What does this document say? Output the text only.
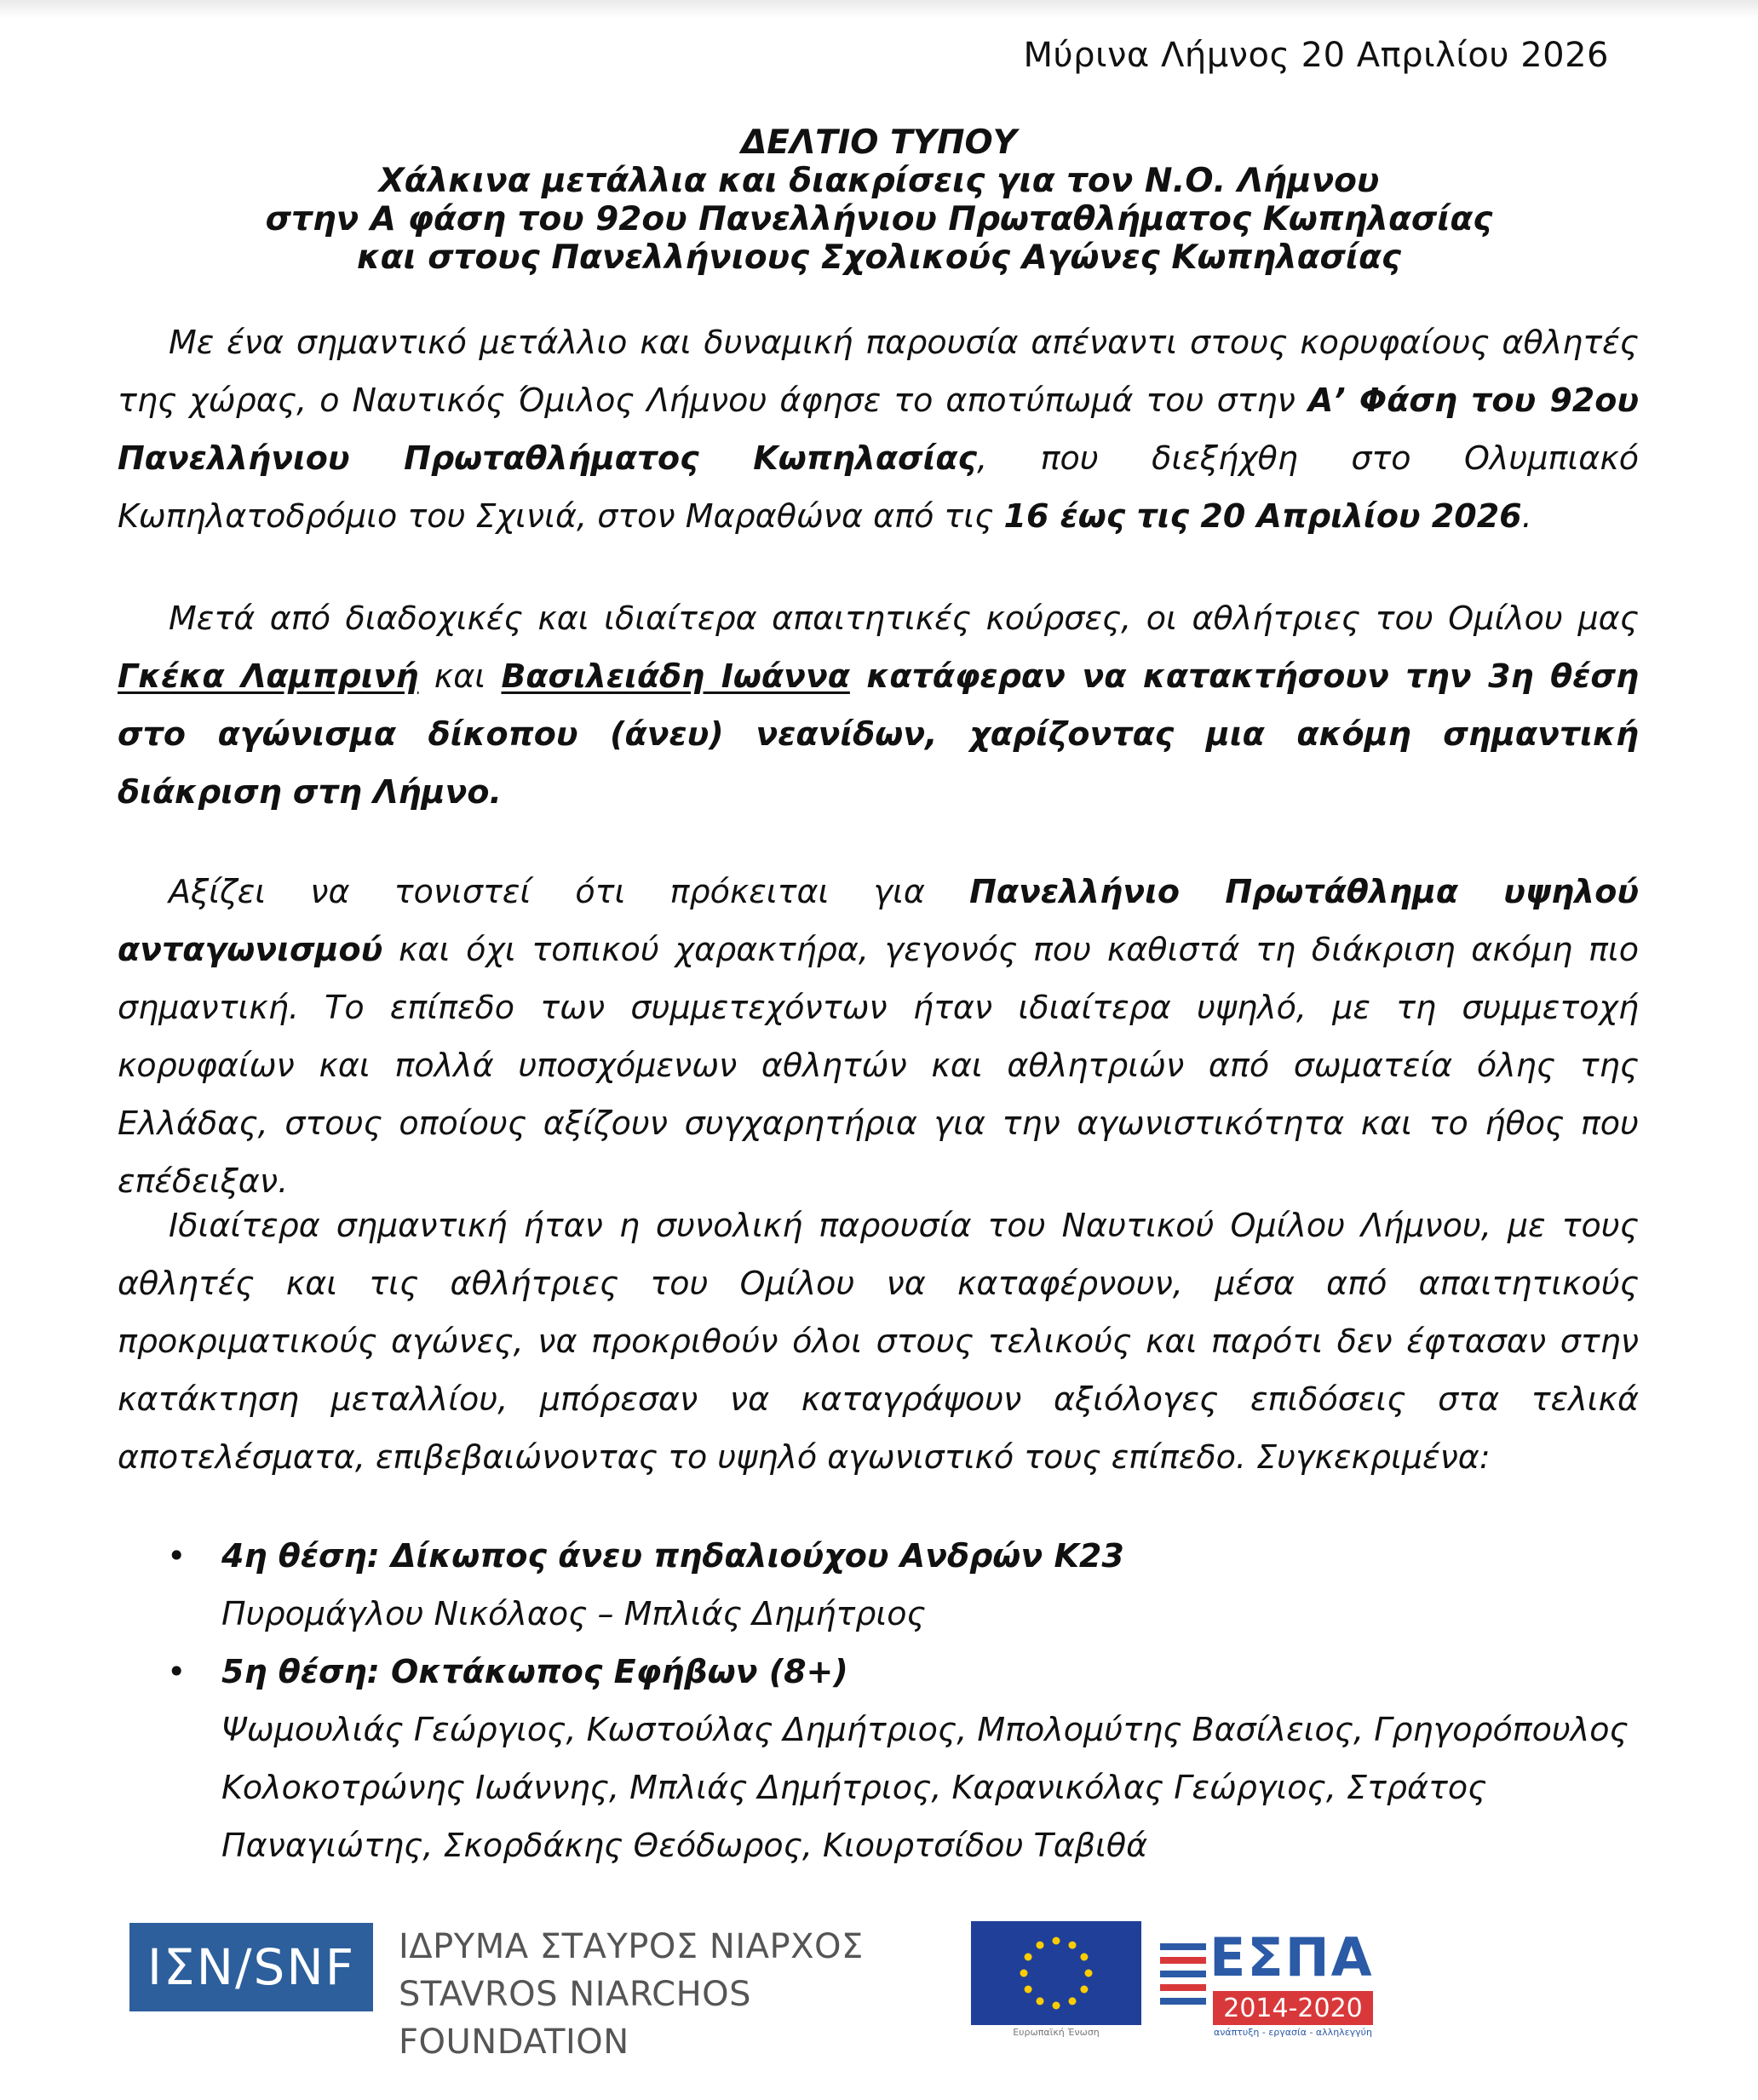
Μύρινα Λήμνος 20 Απριλίου 2026
ΔΕΛΤΙΟ ΤΥΠΟΥ
Χάλκινα μετάλλια και διακρίσεις για τον Ν.Ο. Λήμνου
στην Α φάση του 92ου Πανελλήνιου Πρωταθλήματος Κωπηλασίας
και στους Πανελλήνιους Σχολικούς Αγώνες Κωπηλασίας
Με ένα σημαντικό μετάλλιο και δυναμική παρουσία απέναντι στους κορυφαίους αθλητές της χώρας, ο Ναυτικός Όμιλος Λήμνου άφησε το αποτύπωμά του στην Α’ Φάση του 92ου Πανελλήνιου Πρωταθλήματος Κωπηλασίας, που διεξήχθη στο Ολυμπιακό Κωπηλατοδρόμιο του Σχινιά, στον Μαραθώνα από τις 16 έως τις 20 Απριλίου 2026.
Μετά από διαδοχικές και ιδιαίτερα απαιτητικές κούρσες, οι αθλήτριες του Ομίλου μας Γκέκα Λαμπρινή και Βασιλειάδη Ιωάννα κατάφεραν να κατακτήσουν την 3η θέση στο αγώνισμα δίκοπου (άνευ) νεανίδων, χαρίζοντας μια ακόμη σημαντική διάκριση στη Λήμνο.
Αξίζει να τονιστεί ότι πρόκειται για Πανελλήνιο Πρωτάθλημα υψηλού ανταγωνισμού και όχι τοπικού χαρακτήρα, γεγονός που καθιστά τη διάκριση ακόμη πιο σημαντική. Το επίπεδο των συμμετεχόντων ήταν ιδιαίτερα υψηλό, με τη συμμετοχή κορυφαίων και πολλά υποσχόμενων αθλητών και αθλητριών από σωματεία όλης της Ελλάδας, στους οποίους αξίζουν συγχαρητήρια για την αγωνιστικότητα και το ήθος που επέδειξαν.
Ιδιαίτερα σημαντική ήταν η συνολική παρουσία του Ναυτικού Ομίλου Λήμνου, με τους αθλητές και τις αθλήτριες του Ομίλου να καταφέρνουν, μέσα από απαιτητικούς προκριματικούς αγώνες, να προκριθούν όλοι στους τελικούς και παρότι δεν έφτασαν στην κατάκτηση μεταλλίου, μπόρεσαν να καταγράψουν αξιόλογες επιδόσεις στα τελικά αποτελέσματα, επιβεβαιώνοντας το υψηλό αγωνιστικό τους επίπεδο. Συγκεκριμένα:
• 4η θέση: Δίκωπος άνευ πηδαλιούχου Ανδρών Κ23
Πυρομάγλου Νικόλαος – Μπλιάς Δημήτριος
• 5η θέση: Οκτάκωπος Εφήβων (8+)
Ψωμουλιάς Γεώργιος, Κωστούλας Δημήτριος, Μπολομύτης Βασίλειος, Γρηγορόπουλος
Κολοκοτρώνης Ιωάννης, Μπλιάς Δημήτριος, Καρανικόλας Γεώργιος, Στράτος
Παναγιώτης, Σκορδάκης Θεόδωρος, Κιουρτσίδου Ταβιθά
ΙΣΝ/SNF	ΙΔΡΥΜΑ ΣΤΑΥΡΟΣ ΝΙΑΡΧΟΣ
STAVROS NIARCHOS FOUNDATION	Ευρωπαϊκή Ένωση
ΕΣΠΑ
2014-2020
ανάπτυξη - εργασία - αλληλεγγύη
